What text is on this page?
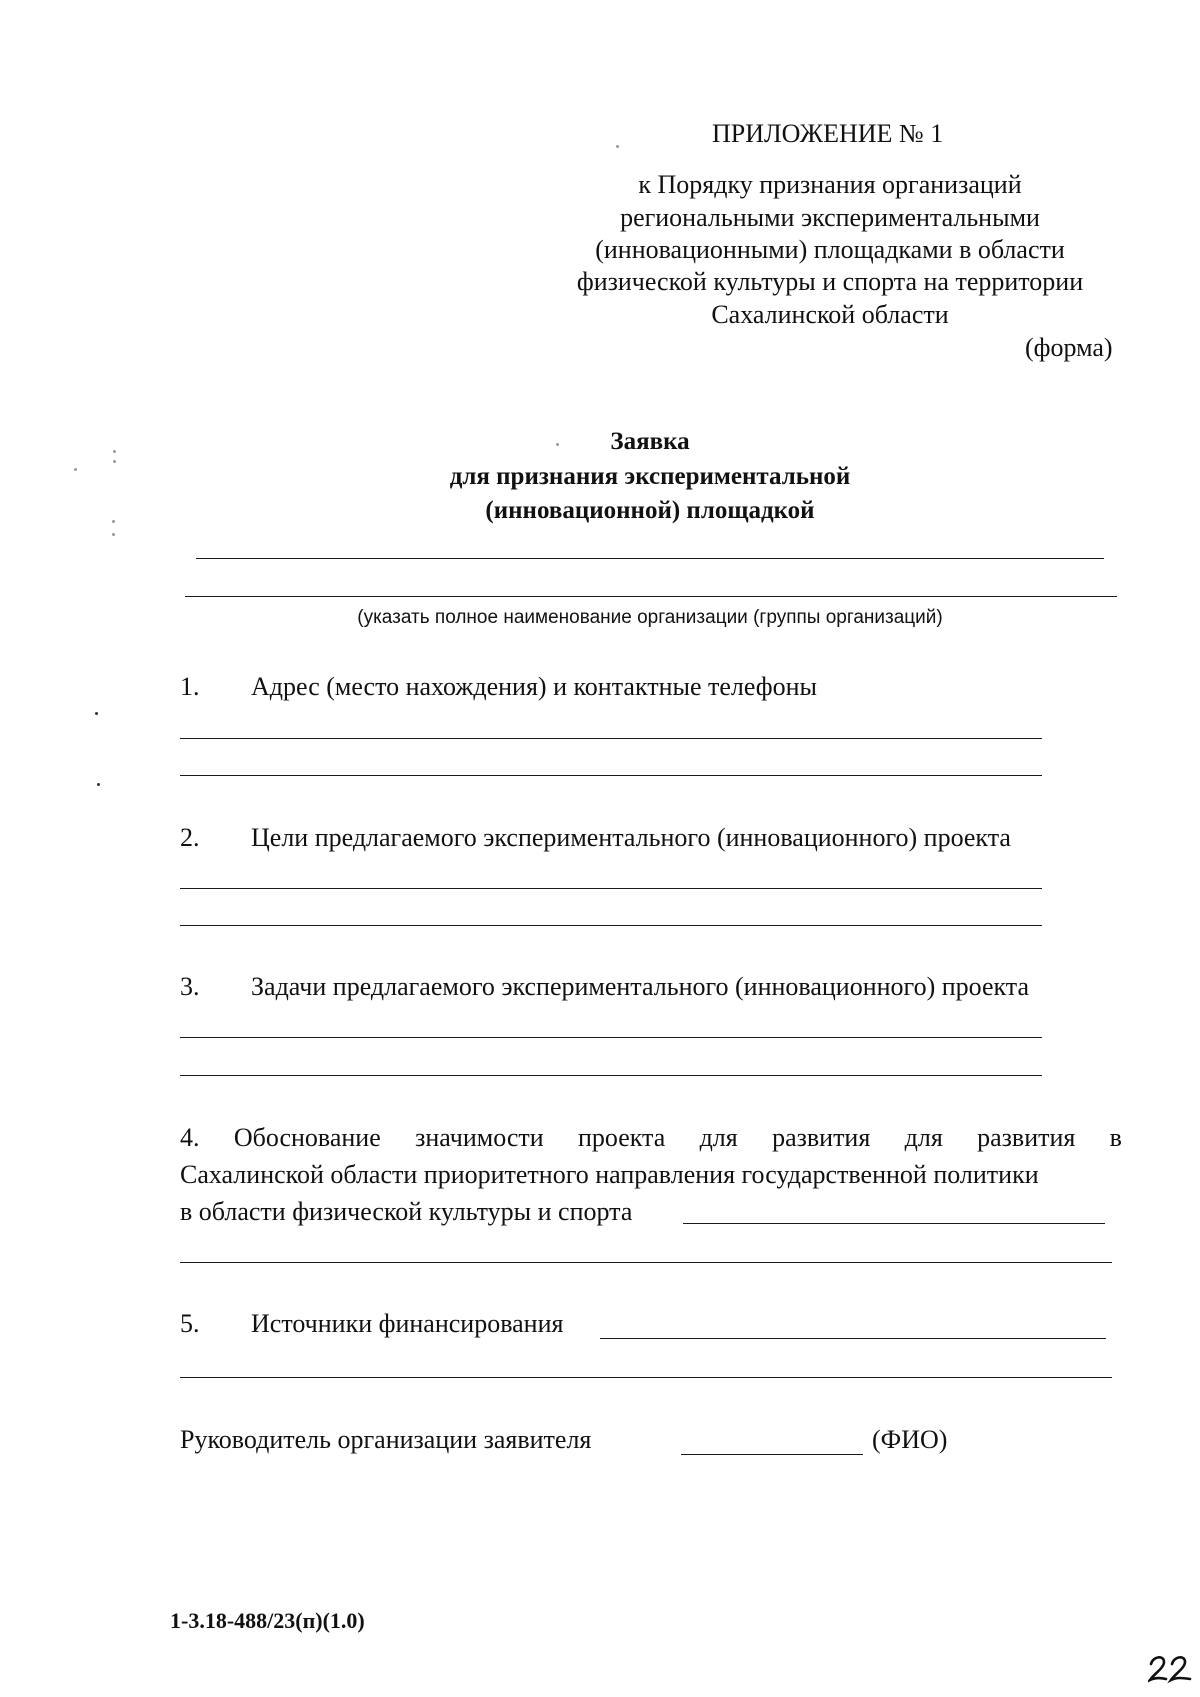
ПРИЛОЖЕНИЕ № 1
к Порядку признания организаций
региональными экспериментальными
(инновационными) площадками в области
физической культуры и спорта на территории
Сахалинской области
(форма)
Заявка
для признания экспериментальной
(инновационной) площадкой
(указать полное наименование организации (группы организаций)
1. Адрес (место нахождения) и контактные телефоны
2. Цели предлагаемого экспериментального (инновационного) проекта
3. Задачи предлагаемого экспериментального (инновационного) проекта
4. Обоснование значимости проекта для развития для развития в
Сахалинской области приоритетного направления государственной политики
в области физической культуры и спорта
5. Источники финансирования
Руководитель организации заявителя	(ФИО)
1-3.18-488/23(п)(1.0)
